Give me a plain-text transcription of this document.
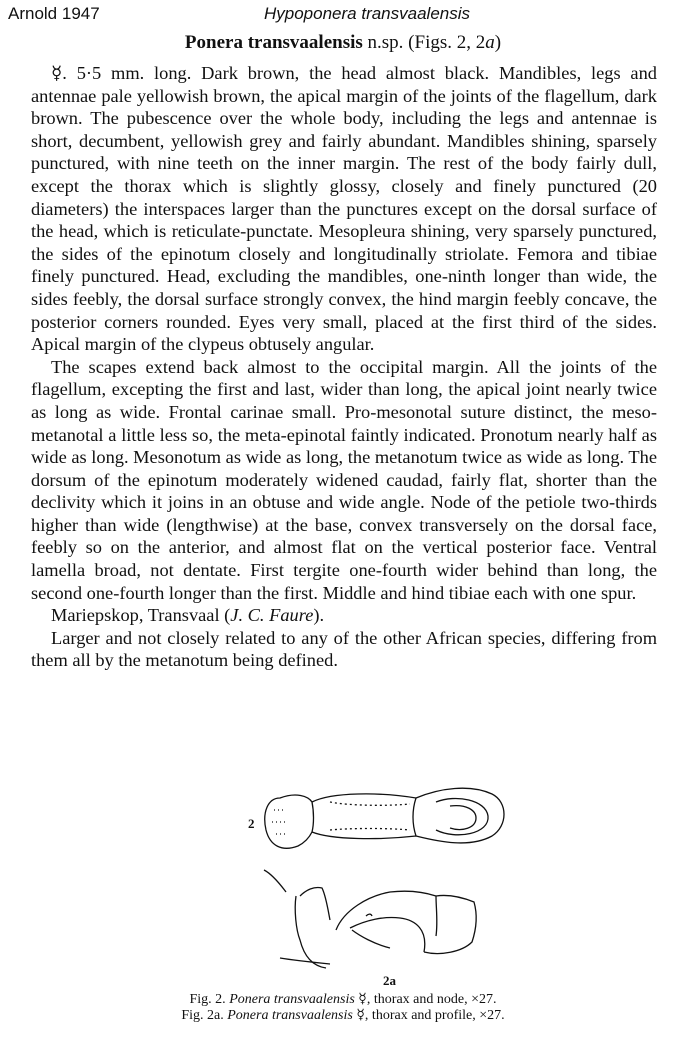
Arnold 1947	Hypoponera transvaalensis
Ponera transvaalensis n.sp. (Figs. 2, 2a)

☿. 5·5 mm. long. Dark brown, the head almost black. Mandibles, legs and antennae pale yellowish brown, the apical margin of the joints of the flagellum, dark brown. The pubescence over the whole body, including the legs and antennae is short, decumbent, yellowish grey and fairly abundant. Mandibles shining, sparsely punctured, with nine teeth on the inner margin. The rest of the body fairly dull, except the thorax which is slightly glossy, closely and finely punctured (20 diameters) the interspaces larger than the punctures except on the dorsal surface of the head, which is reticulate-punctate. Mesopleura shining, very sparsely punctured, the sides of the epinotum closely and longitudinally striolate. Femora and tibiae finely punctured. Head, excluding the mandibles, one-ninth longer than wide, the sides feebly, the dorsal surface strongly convex, the hind margin feebly concave, the posterior corners rounded. Eyes very small, placed at the first third of the sides. Apical margin of the clypeus obtusely angular.

The scapes extend back almost to the occipital margin. All the joints of the flagellum, excepting the first and last, wider than long, the apical joint nearly twice as long as wide. Frontal carinae small. Pro-mesonotal suture distinct, the meso-metanotal a little less so, the meta-epinotal faintly indicated. Pronotum nearly half as wide as long. Mesonotum as wide as long, the metanotum twice as wide as long. The dorsum of the epinotum moderately widened caudad, fairly flat, shorter than the declivity which it joins in an obtuse and wide angle. Node of the petiole two-thirds higher than wide (lengthwise) at the base, convex transversely on the dorsal face, feebly so on the anterior, and almost flat on the vertical posterior face. Ventral lamella broad, not dentate. First tergite one-fourth wider behind than long, the second one-fourth longer than the first. Middle and hind tibiae each with one spur.

Mariepskop, Transvaal (J. C. Faure).

Larger and not closely related to any of the other African species, differing from them all by the metanotum being defined.

2
2a
Fig. 2. Ponera transvaalensis ☿, thorax and node, ×27.
Fig. 2a. Ponera transvaalensis ☿, thorax and profile, ×27.
